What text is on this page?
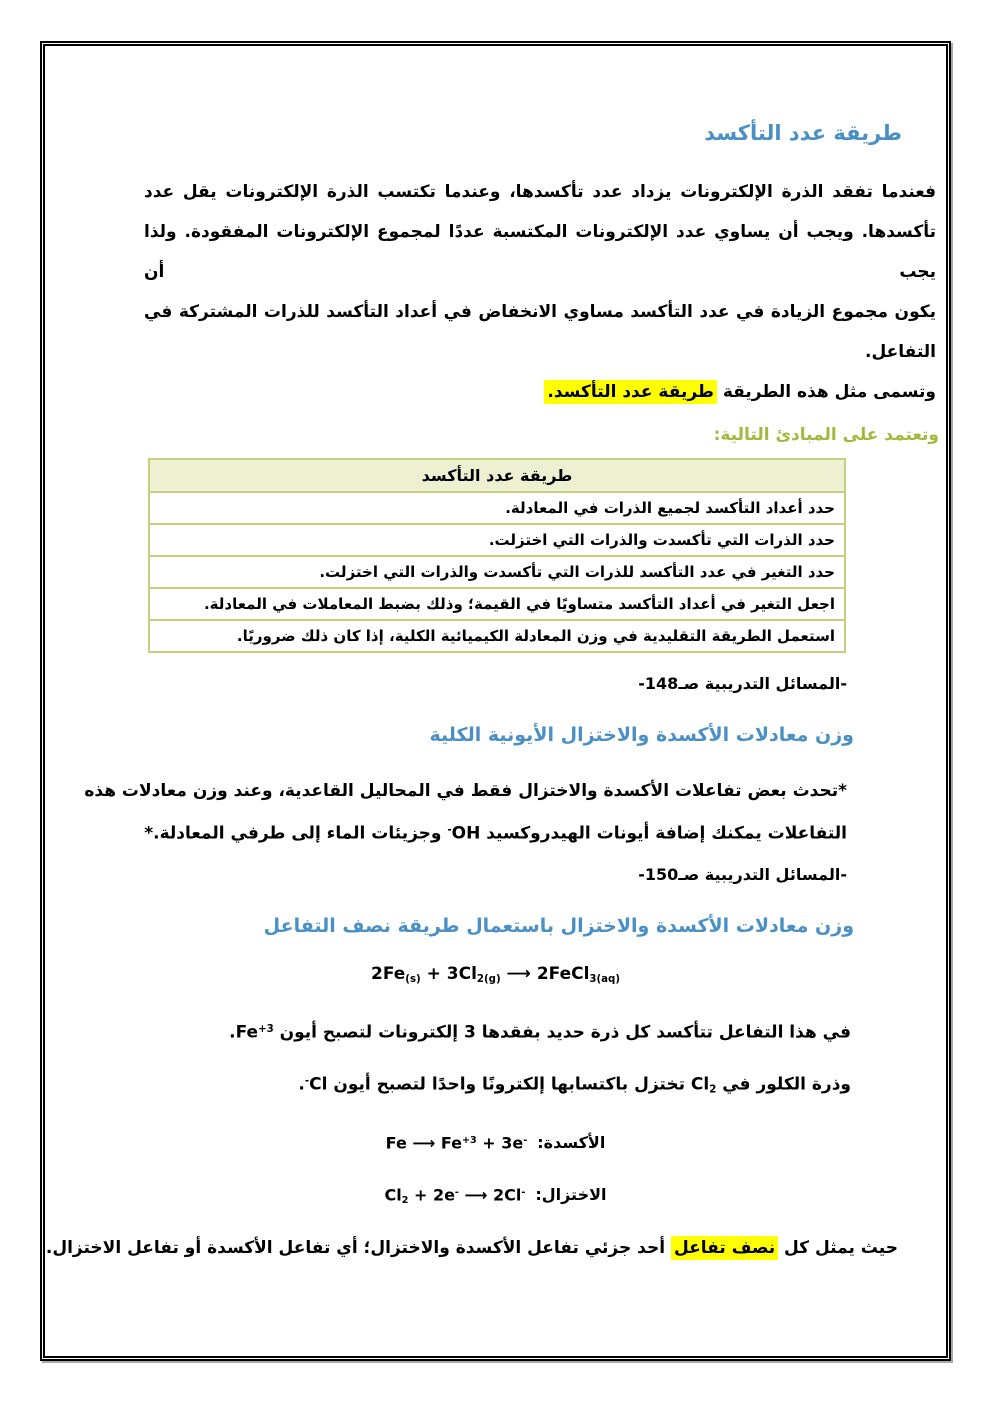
طريقة عدد التأكسد
فعندما تفقد الذرة الإلكترونات يزداد عدد تأكسدها، وعندما تكتسب الذرة الإلكترونات يقل عدد
تأكسدها. ويجب أن يساوي عدد الإلكترونات المكتسبة عددًا لمجموع الإلكترونات المفقودة. ولذا يجب أن
يكون مجموع الزيادة في عدد التأكسد مساوي الانخفاض في أعداد التأكسد للذرات المشتركة في التفاعل.
وتسمى مثل هذه الطريقة طريقة عدد التأكسد.
وتعتمد على المبادئ التالية:
طريقة عدد التأكسد
حدد أعداد التأكسد لجميع الذرات في المعادلة.
حدد الذرات التي تأكسدت والذرات التي اختزلت.
حدد التغير في عدد التأكسد للذرات التي تأكسدت والذرات التي اختزلت.
اجعل التغير في أعداد التأكسد متساويًا في القيمة؛ وذلك بضبط المعاملات في المعادلة.
استعمل الطريقة التقليدية في وزن المعادلة الكيميائية الكلية، إذا كان ذلك ضروريًا.
-المسائل التدريبية صـ148-
وزن معادلات الأكسدة والاختزال الأيونية الكلية
*تحدث بعض تفاعلات الأكسدة والاختزال فقط في المحاليل القاعدية، وعند وزن معادلات هذه
التفاعلات يمكنك إضافة أيونات الهيدروكسيد OH- وجزيئات الماء إلى طرفي المعادلة.*
-المسائل التدريبية صـ150-
وزن معادلات الأكسدة والاختزال باستعمال طريقة نصف التفاعل
2Fe(s) + 3Cl2(g) ⟶ 2FeCl3(aq)
في هذا التفاعل تتأكسد كل ذرة حديد بفقدها 3 إلكترونات لتصبح أيون $Fe^{+3}$.
وذرة الكلور في Cl2 تختزل باكتسابها إلكترونًا واحدًا لتصبح أيون Cl-.
الأكسدة:Fe ⟶ $Fe^{+3} + 3e^-$
الاختزال:Cl2 + 2e- ⟶ 2Cl-
حيث يمثل كل نصف تفاعل أحد جزئي تفاعل الأكسدة والاختزال؛ أي تفاعل الأكسدة أو تفاعل الاختزال.
